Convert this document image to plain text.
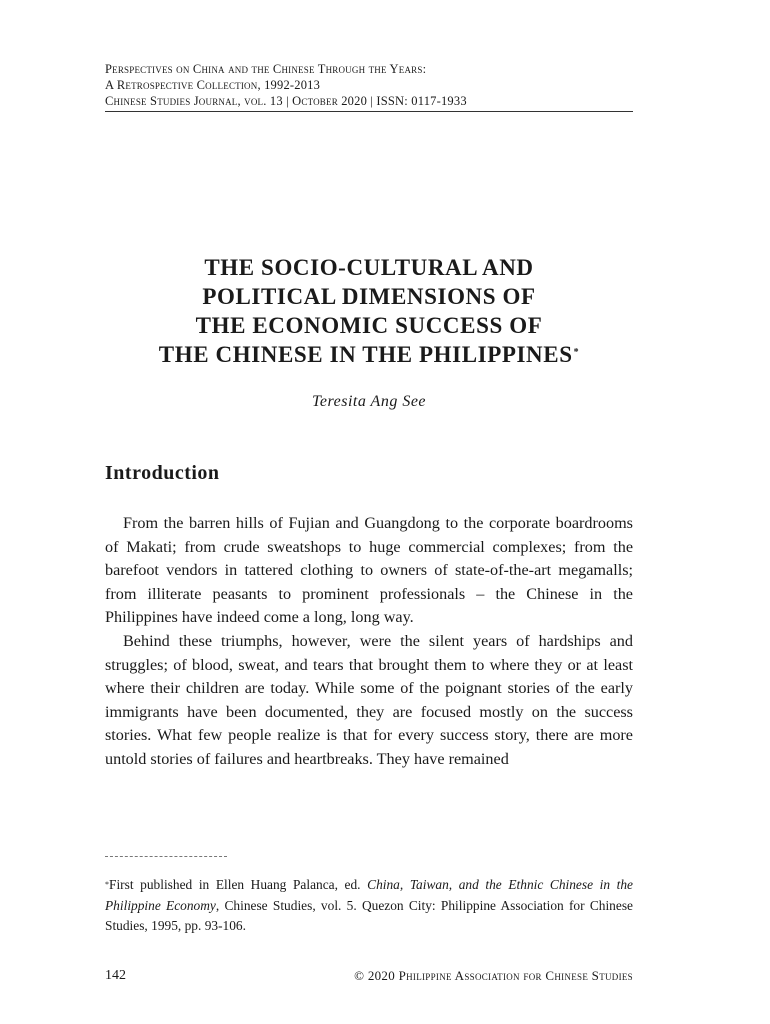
Perspectives on China and the Chinese Through the Years:
A Retrospective Collection, 1992-2013
Chinese Studies Journal, vol. 13 | October 2020 | ISSN: 0117-1933
THE SOCIO-CULTURAL AND
POLITICAL DIMENSIONS OF
THE ECONOMIC SUCCESS OF
THE CHINESE IN THE PHILIPPINES*
Teresita Ang See
Introduction

From the barren hills of Fujian and Guangdong to the corporate boardrooms of Makati; from crude sweatshops to huge commercial complexes; from the barefoot vendors in tattered clothing to owners of state-of-the-art megamalls; from illiterate peasants to prominent professionals – the Chinese in the Philippines have indeed come a long, long way.

Behind these triumphs, however, were the silent years of hardships and struggles; of blood, sweat, and tears that brought them to where they or at least where their children are today. While some of the poignant stories of the early immigrants have been documented, they are focused mostly on the success stories. What few people realize is that for every success story, there are more untold stories of failures and heartbreaks. They have remained

*First published in Ellen Huang Palanca, ed. China, Taiwan, and the Ethnic Chinese in the Philippine Economy, Chinese Studies, vol. 5. Quezon City: Philippine Association for Chinese Studies, 1995, pp. 93-106.
142	© 2020 Philippine Association for Chinese Studies
